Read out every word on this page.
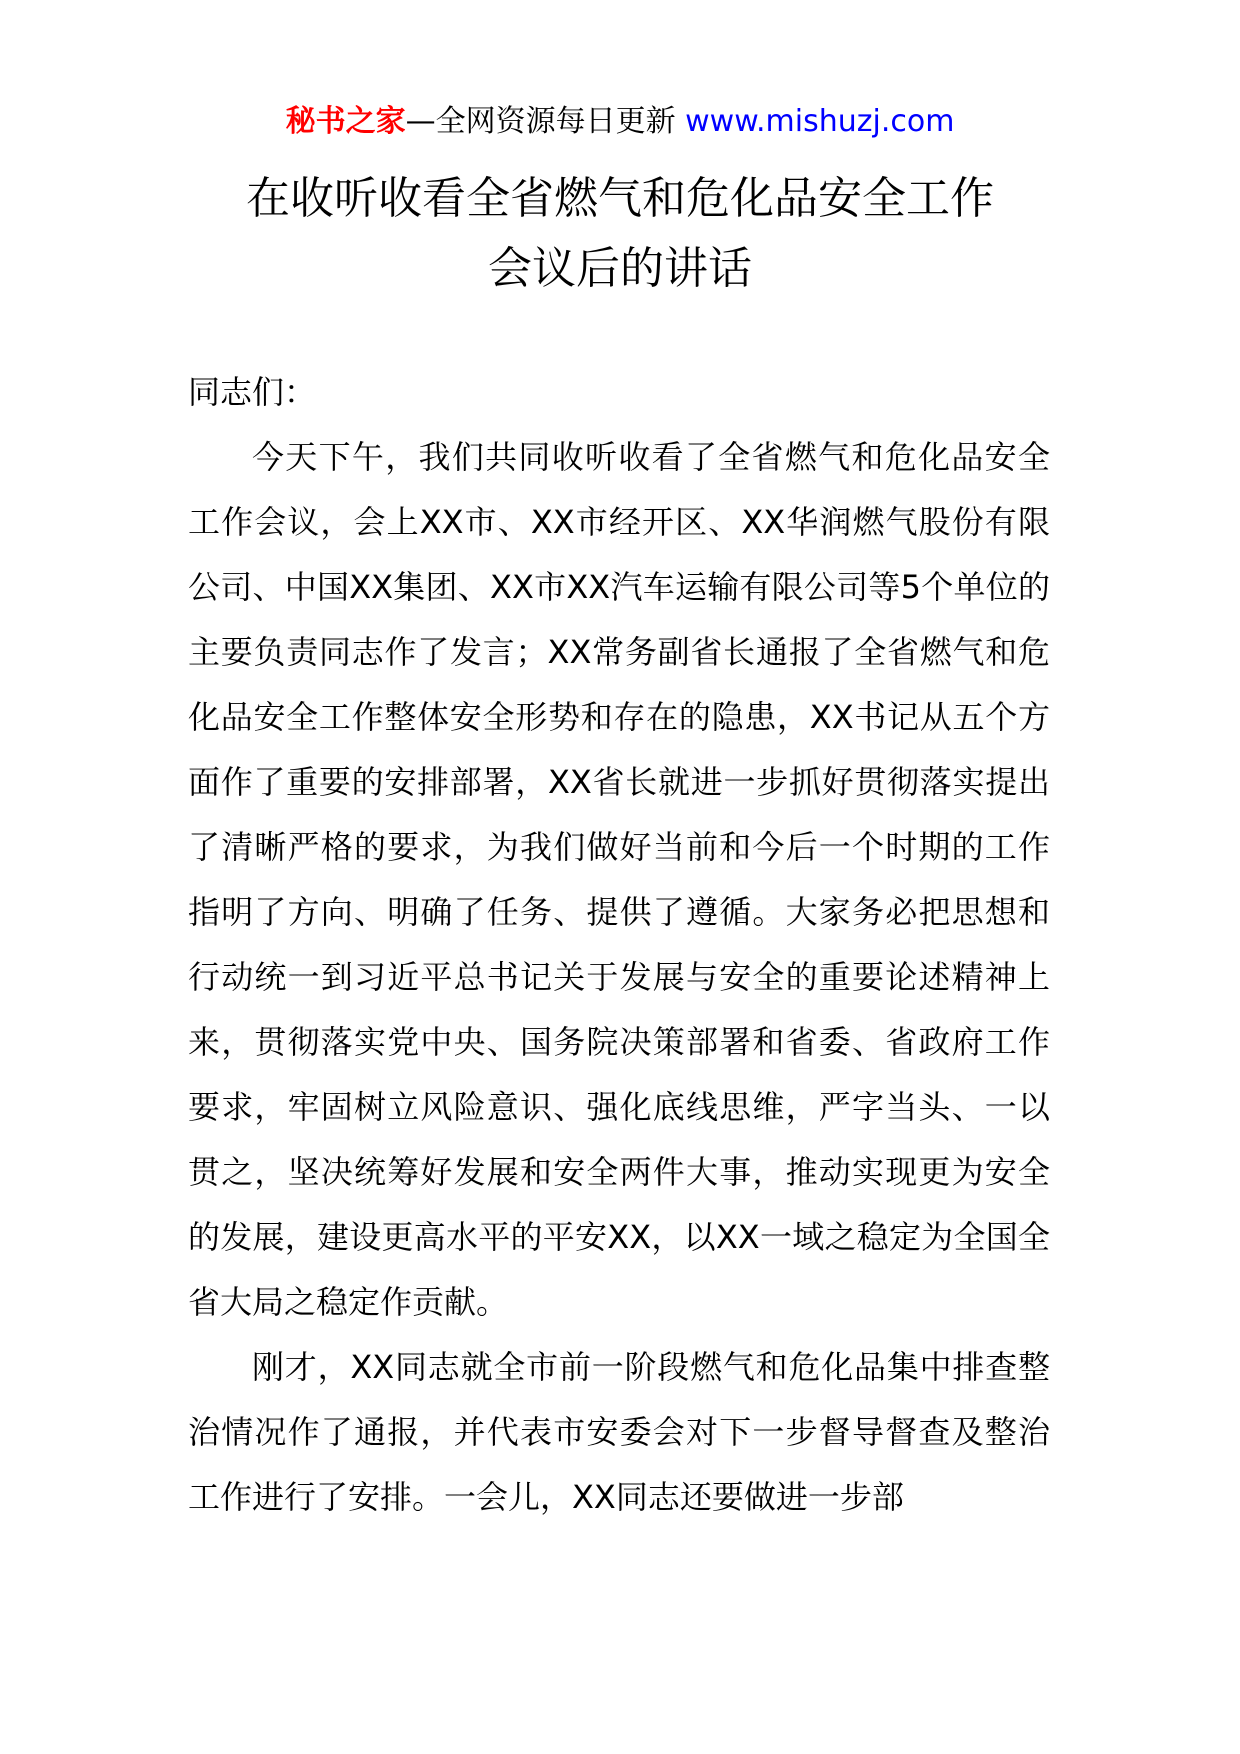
秘书之家—全网资源每日更新 www.mishuzj.com
在收听收看全省燃气和危化品安全工作
会议后的讲话

同志们：

今天下午，我们共同收听收看了全省燃气和危化品安全工作会议，会上XX市、XX市经开区、XX华润燃气股份有限公司、中国XX集团、XX市XX汽车运输有限公司等5个单位的主要负责同志作了发言；XX常务副省长通报了全省燃气和危化品安全工作整体安全形势和存在的隐患，XX书记从五个方面作了重要的安排部署，XX省长就进一步抓好贯彻落实提出了清晰严格的要求，为我们做好当前和今后一个时期的工作指明了方向、明确了任务、提供了遵循。大家务必把思想和行动统一到习近平总书记关于发展与安全的重要论述精神上来，贯彻落实党中央、国务院决策部署和省委、省政府工作要求，牢固树立风险意识、强化底线思维，严字当头、一以贯之，坚决统筹好发展和安全两件大事，推动实现更为安全的发展，建设更高水平的平安XX，以XX一域之稳定为全国全省大局之稳定作贡献。

刚才，XX同志就全市前一阶段燃气和危化品集中排查整治情况作了通报，并代表市安委会对下一步督导督查及整治工作进行了安排。一会儿，XX同志还要做进一步部
